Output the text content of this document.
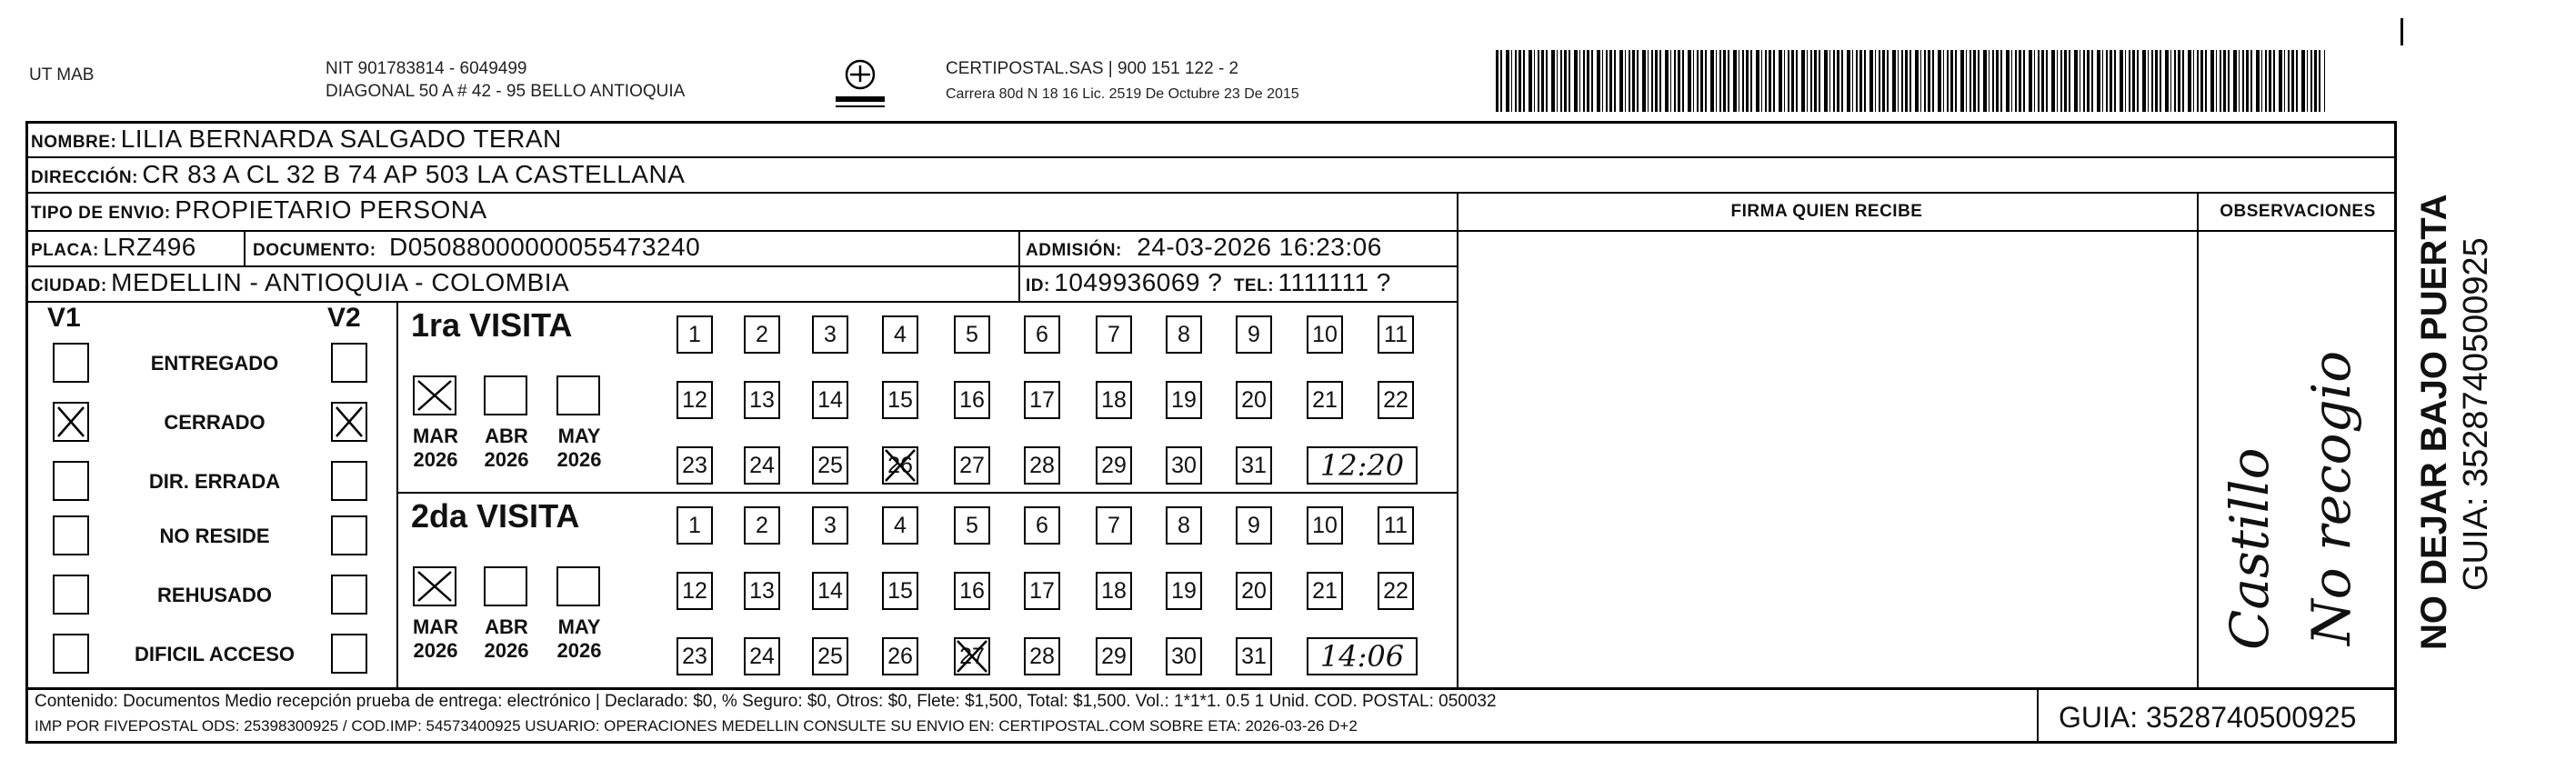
UT MAB	NIT 901783814 - 6049499
DIAGONAL 50 A # 42 - 95 BELLO ANTIOQUIA
CERTIPOSTAL.SAS | 900 151 122 - 2
Carrera 80d N 18 16 Lic. 2519 De Octubre 23 De 2015
NOMBRE: LILIA BERNARDA SALGADO TERAN
DIRECCIÓN: CR 83 A CL 32 B 74 AP 503 LA CASTELLANA
TIPO DE ENVIO: PROPIETARIO PERSONA
PLACA: LRZ496	DOCUMENTO: D05088000000055473240	ADMISIÓN: 24-03-2026 16:23:06
CIUDAD: MEDELLIN - ANTIOQUIA - COLOMBIA	ID: 1049936069 ? TEL: 1111111 ?
FIRMA QUIEN RECIBE	OBSERVACIONES
Castillo No recogio
V1	V2
ENTREGADO
CERRADO
DIR. ERRADA
NO RESIDE
REHUSADO
DIFICIL ACCESO
1ra VISITA
MAR
2026
ABR
2026
MAY
2026
1	2	3	4	5	6	7	8	9	10 11
12 13 14 15 16 17 18 19 20 21 22
23 24 25 26 27 28 29 30 31	12:20
2da VISITA
MAR
2026
ABR
2026
MAY
2026
1	2	3	4	5	6	7	8	9	10 11
12 13 14 15 16 17 18 19 20 21 22
23 24 25 26 27 28 29 30 31	14:06
Contenido: Documentos Medio recepción prueba de entrega: electrónico | Declarado: $0, % Seguro: $0, Otros: $0, Flete: $1,500, Total: $1,500. Vol.: 1*1*1. 0.5 1 Unid. COD. POSTAL: 050032
IMP POR FIVEPOSTAL ODS: 25398300925 / COD.IMP: 54573400925 USUARIO: OPERACIONES MEDELLIN CONSULTE SU ENVIO EN: CERTIPOSTAL.COM SOBRE ETA: 2026-03-26 D+2	GUIA: 3528740500925
NO DEJAR BAJO PUERTA GUIA: 3528740500925
